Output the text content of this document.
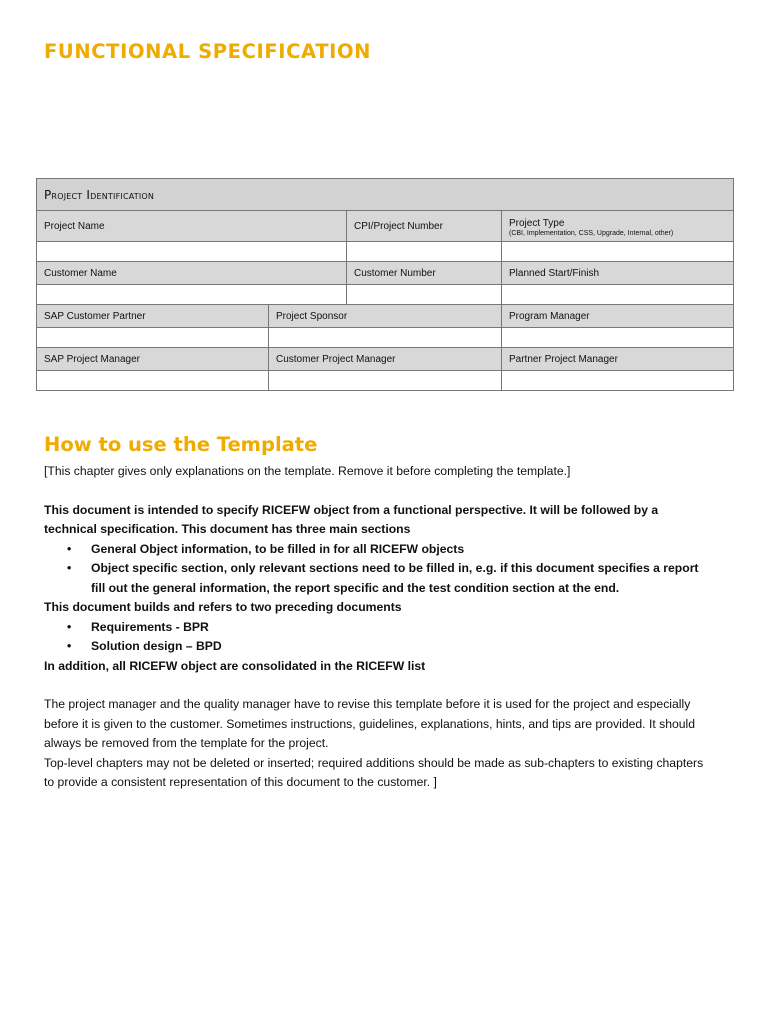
FUNCTIONAL SPECIFICATION
Project Identification			
Project Name		CPI/Project Number	Project Type
(CBI, Implementation, CSS, Upgrade, Internal, other)

Customer Name		Customer Number	Planned Start/Finish

SAP Customer Partner	Project Sponsor		Program Manager

SAP Project Manager	Customer Project Manager		Partner Project Manager

How to use the Template

[This chapter gives only explanations on the template. Remove it before completing the template.]

This document is intended to specify RICEFW object from a functional perspective. It will be followed by a technical specification. This document has three main sections

• General Object information, to be filled in for all RICEFW objects
• Object specific section, only relevant sections need to be filled in, e.g. if this document specifies a report fill out the general information, the report specific and the test condition section at the end.

This document builds and refers to two preceding documents

• Requirements - BPR
• Solution design – BPD

In addition, all RICEFW object are consolidated in the RICEFW list

The project manager and the quality manager have to revise this template before it is used for the project and especially before it is given to the customer. Sometimes instructions, guidelines, explanations, hints, and tips are provided. It should always be removed from the template for the project.

Top-level chapters may not be deleted or inserted; required additions should be made as sub-chapters to existing chapters to provide a consistent representation of this document to the customer. ]
